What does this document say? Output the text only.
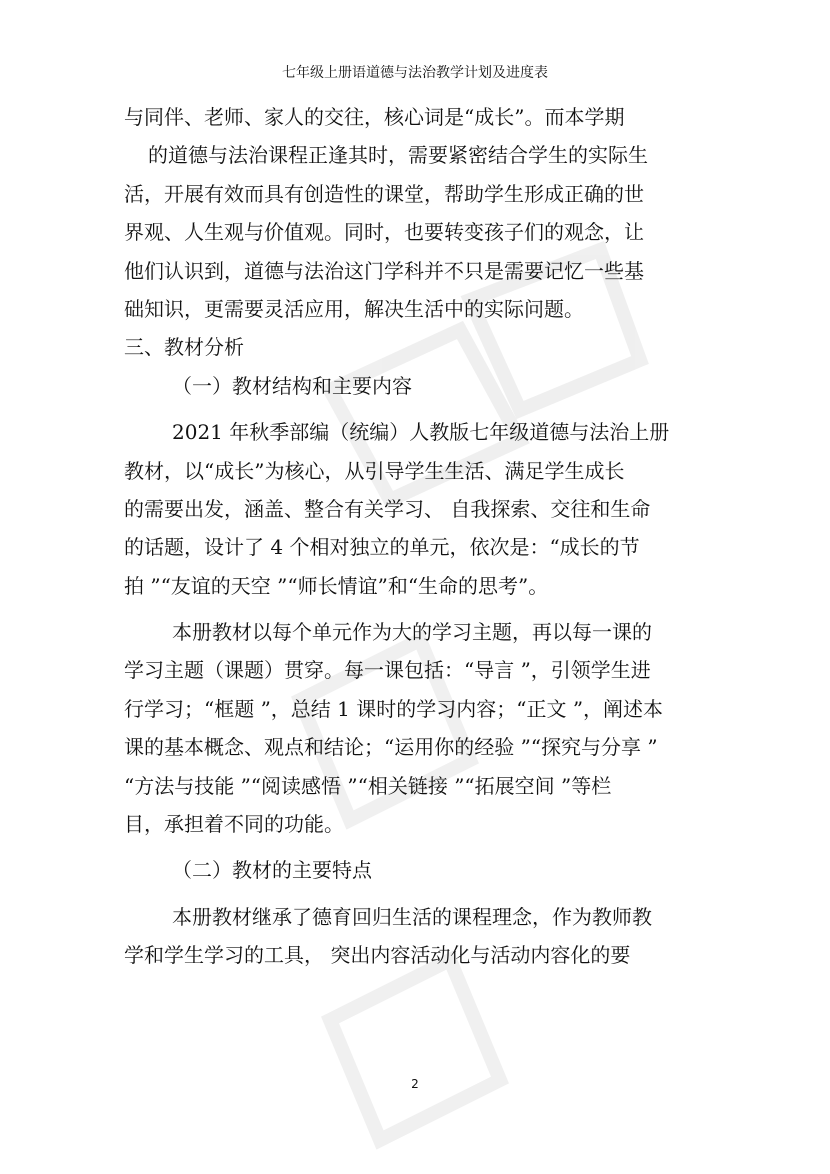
七年级上册语道德与法治教学计划及进度表
与同伴、老师、家人的交往，核心词是“成长”。而本学期
的道德与法治课程正逢其时，需要紧密结合学生的实际生
活，开展有效而具有创造性的课堂，帮助学生形成正确的世
界观、人生观与价值观。同时，也要转变孩子们的观念，让
他们认识到，道德与法治这门学科并不只是需要记忆一些基
础知识，更需要灵活应用，解决生活中的实际问题。
三、教材分析
（一）教材结构和主要内容
2021 年秋季部编（统编）人教版七年级道德与法治上册
教材，以“成长”为核心，从引导学生生活、满足学生成长
的需要出发，涵盖、整合有关学习、 自我探索、交往和生命
的话题，设计了 4 个相对独立的单元，依次是：“成长的节
拍 ”“友谊的天空 ”“师长情谊”和“生命的思考”。
本册教材以每个单元作为大的学习主题，再以每一课的
学习主题（课题）贯穿。每一课包括：“导言 ”，引领学生进
行学习；“框题 ”，总结 1 课时的学习内容；“正文 ”，阐述本
课的基本概念、观点和结论；“运用你的经验 ”“探究与分享 ”
“方法与技能 ”“阅读感悟 ”“相关链接 ”“拓展空间 ”等栏
目，承担着不同的功能。
（二）教材的主要特点
本册教材继承了德育回归生活的课程理念，作为教师教
学和学生学习的工具， 突出内容活动化与活动内容化的要
2
